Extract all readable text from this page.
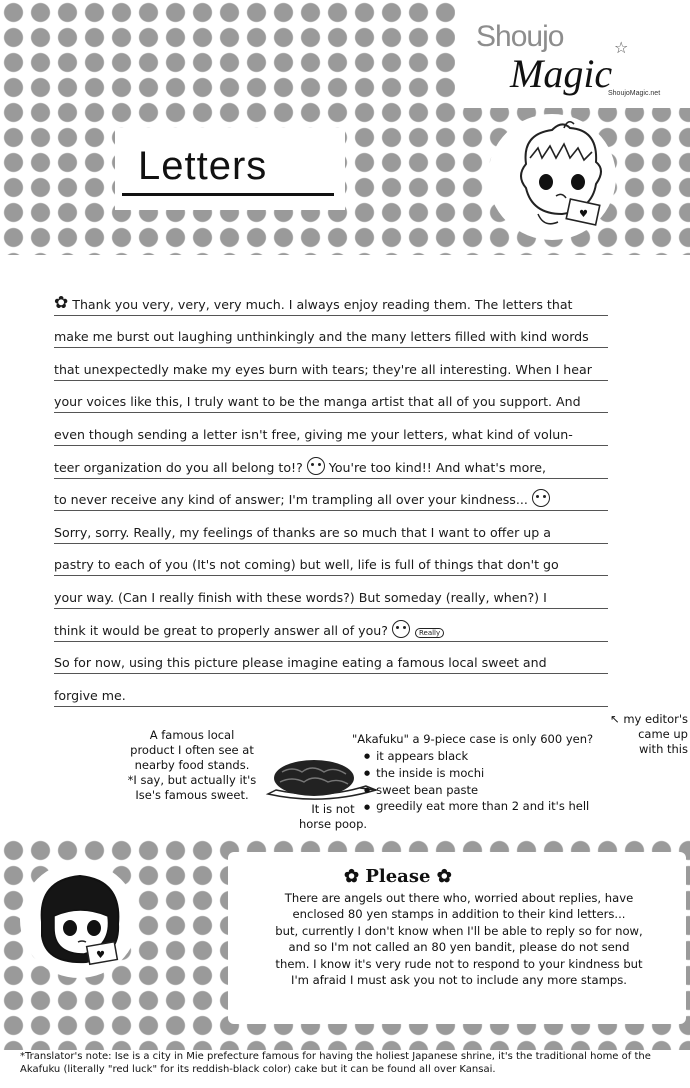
Shoujo	☆
Magic
ShoujoMagic.net
Letters
♥
✿ Thank you very, very, very much. I always enjoy reading them. The letters that
make me burst out laughing unthinkingly and the many letters filled with kind words
that unexpectedly make my eyes burn with tears; they're all interesting. When I hear
your voices like this, I truly want to be the manga artist that all of you support. And
even though sending a letter isn't free, giving me your letters, what kind of volun-
teer organization do you all belong to!? You're too kind!! And what's more,
to never receive any kind of answer; I'm trampling all over your kindness...
Sorry, sorry. Really, my feelings of thanks are so much that I want to offer up a
pastry to each of you (It's not coming) but well, life is full of things that don't go
your way. (Can I really finish with these words?) But someday (really, when?) I
think it would be great to properly answer all of you?	Really
So for now, using this picture please imagine eating a famous local sweet and
forgive me.
↖ my editor's
came up
with this
A famous local
product I often see at
nearby food stands.
*I say, but actually it's
Ise's famous sweet.
It is not
horse poop.
"Akafuku" a 9-piece case is only 600 yen?
● it appears black
● the inside is mochi
● sweet bean paste
● greedily eat more than 2 and it's hell
♥
✿ Please ✿
There are angels out there who, worried about replies, have
enclosed 80 yen stamps in addition to their kind letters...
but, currently I don't know when I'll be able to reply so for now,
and so I'm not called an 80 yen bandit, please do not send
them. I know it's very rude not to respond to your kindness but
I'm afraid I must ask you not to include any more stamps.
*Translator's note: Ise is a city in Mie prefecture famous for having the holiest Japanese shrine, it's the traditional home of the Akafuku (literally "red luck" for its reddish-black color) cake but it can be found all over Kansai.
